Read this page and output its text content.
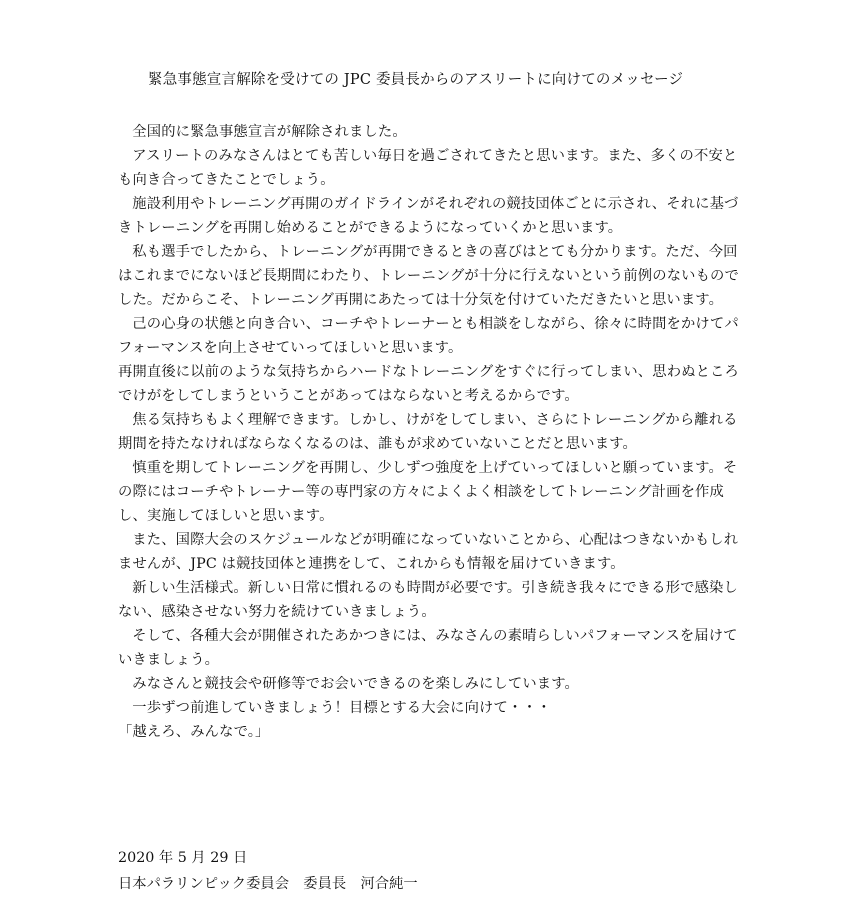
緊急事態宣言解除を受けての JPC 委員長からのアスリートに向けてのメッセージ

全国的に緊急事態宣言が解除されました。

アスリートのみなさんはとても苦しい毎日を過ごされてきたと思います。また、多くの不安とも向き合ってきたことでしょう。

施設利用やトレーニング再開のガイドラインがそれぞれの競技団体ごとに示され、それに基づきトレーニングを再開し始めることができるようになっていくかと思います。

私も選手でしたから、トレーニングが再開できるときの喜びはとても分かります。ただ、今回はこれまでにないほど長期間にわたり、トレーニングが十分に行えないという前例のないものでした。だからこそ、トレーニング再開にあたっては十分気を付けていただきたいと思います。

己の心身の状態と向き合い、コーチやトレーナーとも相談をしながら、徐々に時間をかけてパフォーマンスを向上させていってほしいと思います。

再開直後に以前のような気持ちからハードなトレーニングをすぐに行ってしまい、思わぬところでけがをしてしまうということがあってはならないと考えるからです。

焦る気持ちもよく理解できます。しかし、けがをしてしまい、さらにトレーニングから離れる期間を持たなければならなくなるのは、誰もが求めていないことだと思います。

慎重を期してトレーニングを再開し、少しずつ強度を上げていってほしいと願っています。その際にはコーチやトレーナー等の専門家の方々によくよく相談をしてトレーニング計画を作成し、実施してほしいと思います。

また、国際大会のスケジュールなどが明確になっていないことから、心配はつきないかもしれませんが、JPC は競技団体と連携をして、これからも情報を届けていきます。

新しい生活様式。新しい日常に慣れるのも時間が必要です。引き続き我々にできる形で感染しない、感染させない努力を続けていきましょう。

そして、各種大会が開催されたあかつきには、みなさんの素晴らしいパフォーマンスを届けていきましょう。

みなさんと競技会や研修等でお会いできるのを楽しみにしています。

一歩ずつ前進していきましょう！目標とする大会に向けて・・・

「越えろ、みんなで。」

2020 年 5 月 29 日
日本パラリンピック委員会　委員長　河合純一
